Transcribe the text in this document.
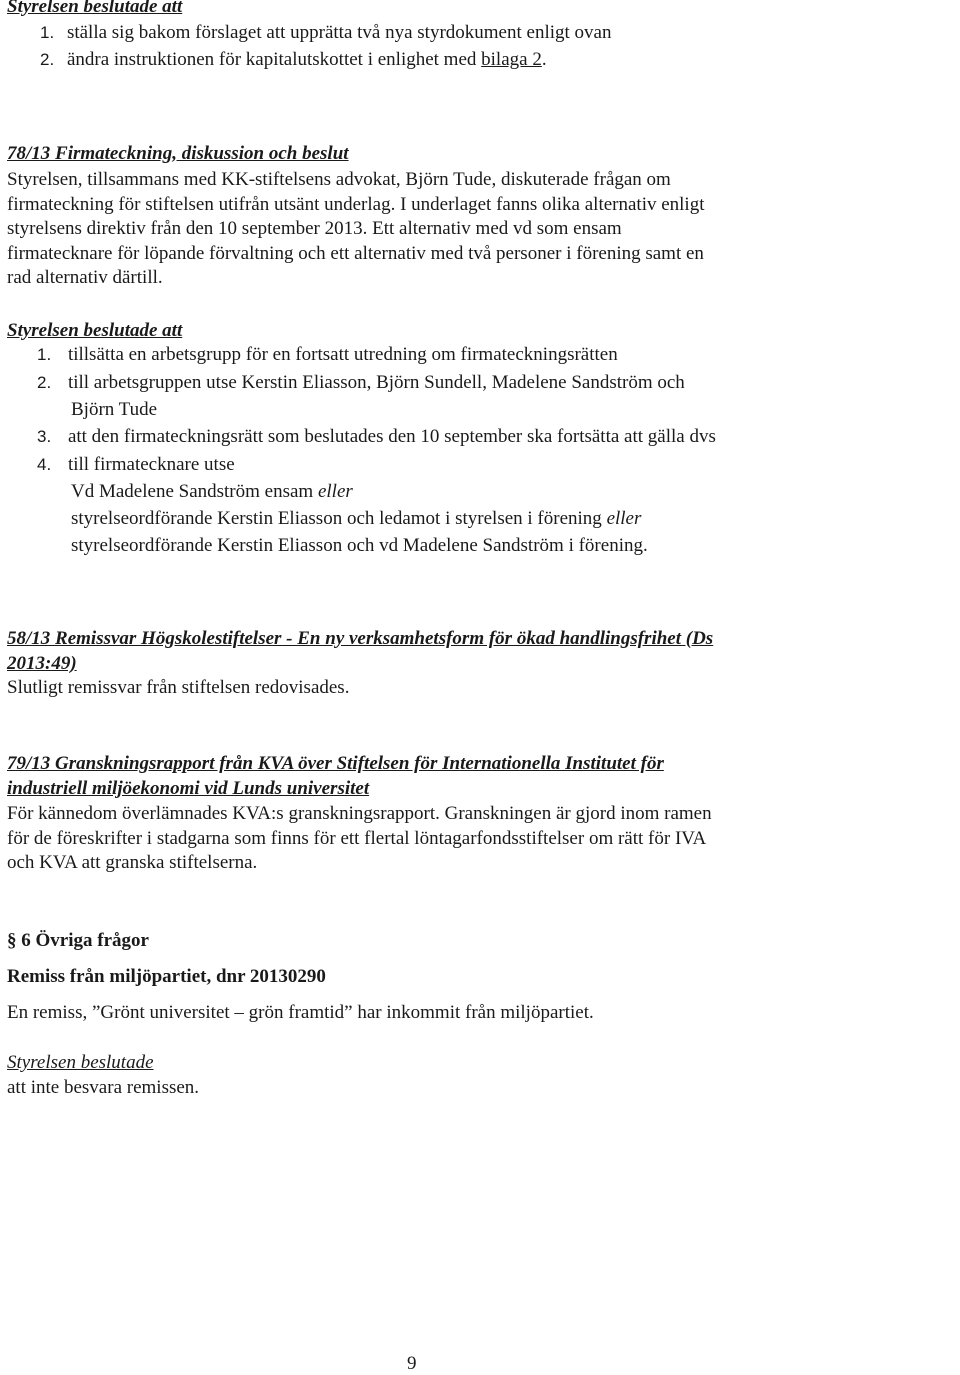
Styrelsen beslutade att
1. ställa sig bakom förslaget att upprätta två nya styrdokument enligt ovan
2. ändra instruktionen för kapitalutskottet i enlighet med bilaga 2.
78/13 Firmateckning, diskussion och beslut
Styrelsen, tillsammans med KK-stiftelsens advokat, Björn Tude, diskuterade frågan om
firmateckning för stiftelsen utifrån utsänt underlag. I underlaget fanns olika alternativ enligt
styrelsens direktiv från den 10 september 2013. Ett alternativ med vd som ensam
firmatecknare för löpande förvaltning och ett alternativ med två personer i förening samt en
rad alternativ därtill.
Styrelsen beslutade att
1. tillsätta en arbetsgrupp för en fortsatt utredning om firmateckningsrätten
2. till arbetsgruppen utse Kerstin Eliasson, Björn Sundell, Madelene Sandström och
Björn Tude
3. att den firmateckningsrätt som beslutades den 10 september ska fortsätta att gälla dvs
4. till firmatecknare utse
Vd Madelene Sandström ensam eller
styrelseordförande Kerstin Eliasson och ledamot i styrelsen i förening eller
styrelseordförande Kerstin Eliasson och vd Madelene Sandström i förening.
58/13 Remissvar Högskolestiftelser - En ny verksamhetsform för ökad handlingsfrihet (Ds
2013:49)
Slutligt remissvar från stiftelsen redovisades.
79/13 Granskningsrapport från KVA över Stiftelsen för Internationella Institutet för
industriell miljöekonomi vid Lunds universitet
För kännedom överlämnades KVA:s granskningsrapport. Granskningen är gjord inom ramen
för de föreskrifter i stadgarna som finns för ett flertal löntagarfondsstiftelser om rätt för IVA
och KVA att granska stiftelserna.
§ 6 Övriga frågor
Remiss från miljöpartiet, dnr 20130290
En remiss, ”Grönt universitet – grön framtid” har inkommit från miljöpartiet.
Styrelsen beslutade
att inte besvara remissen.
9
